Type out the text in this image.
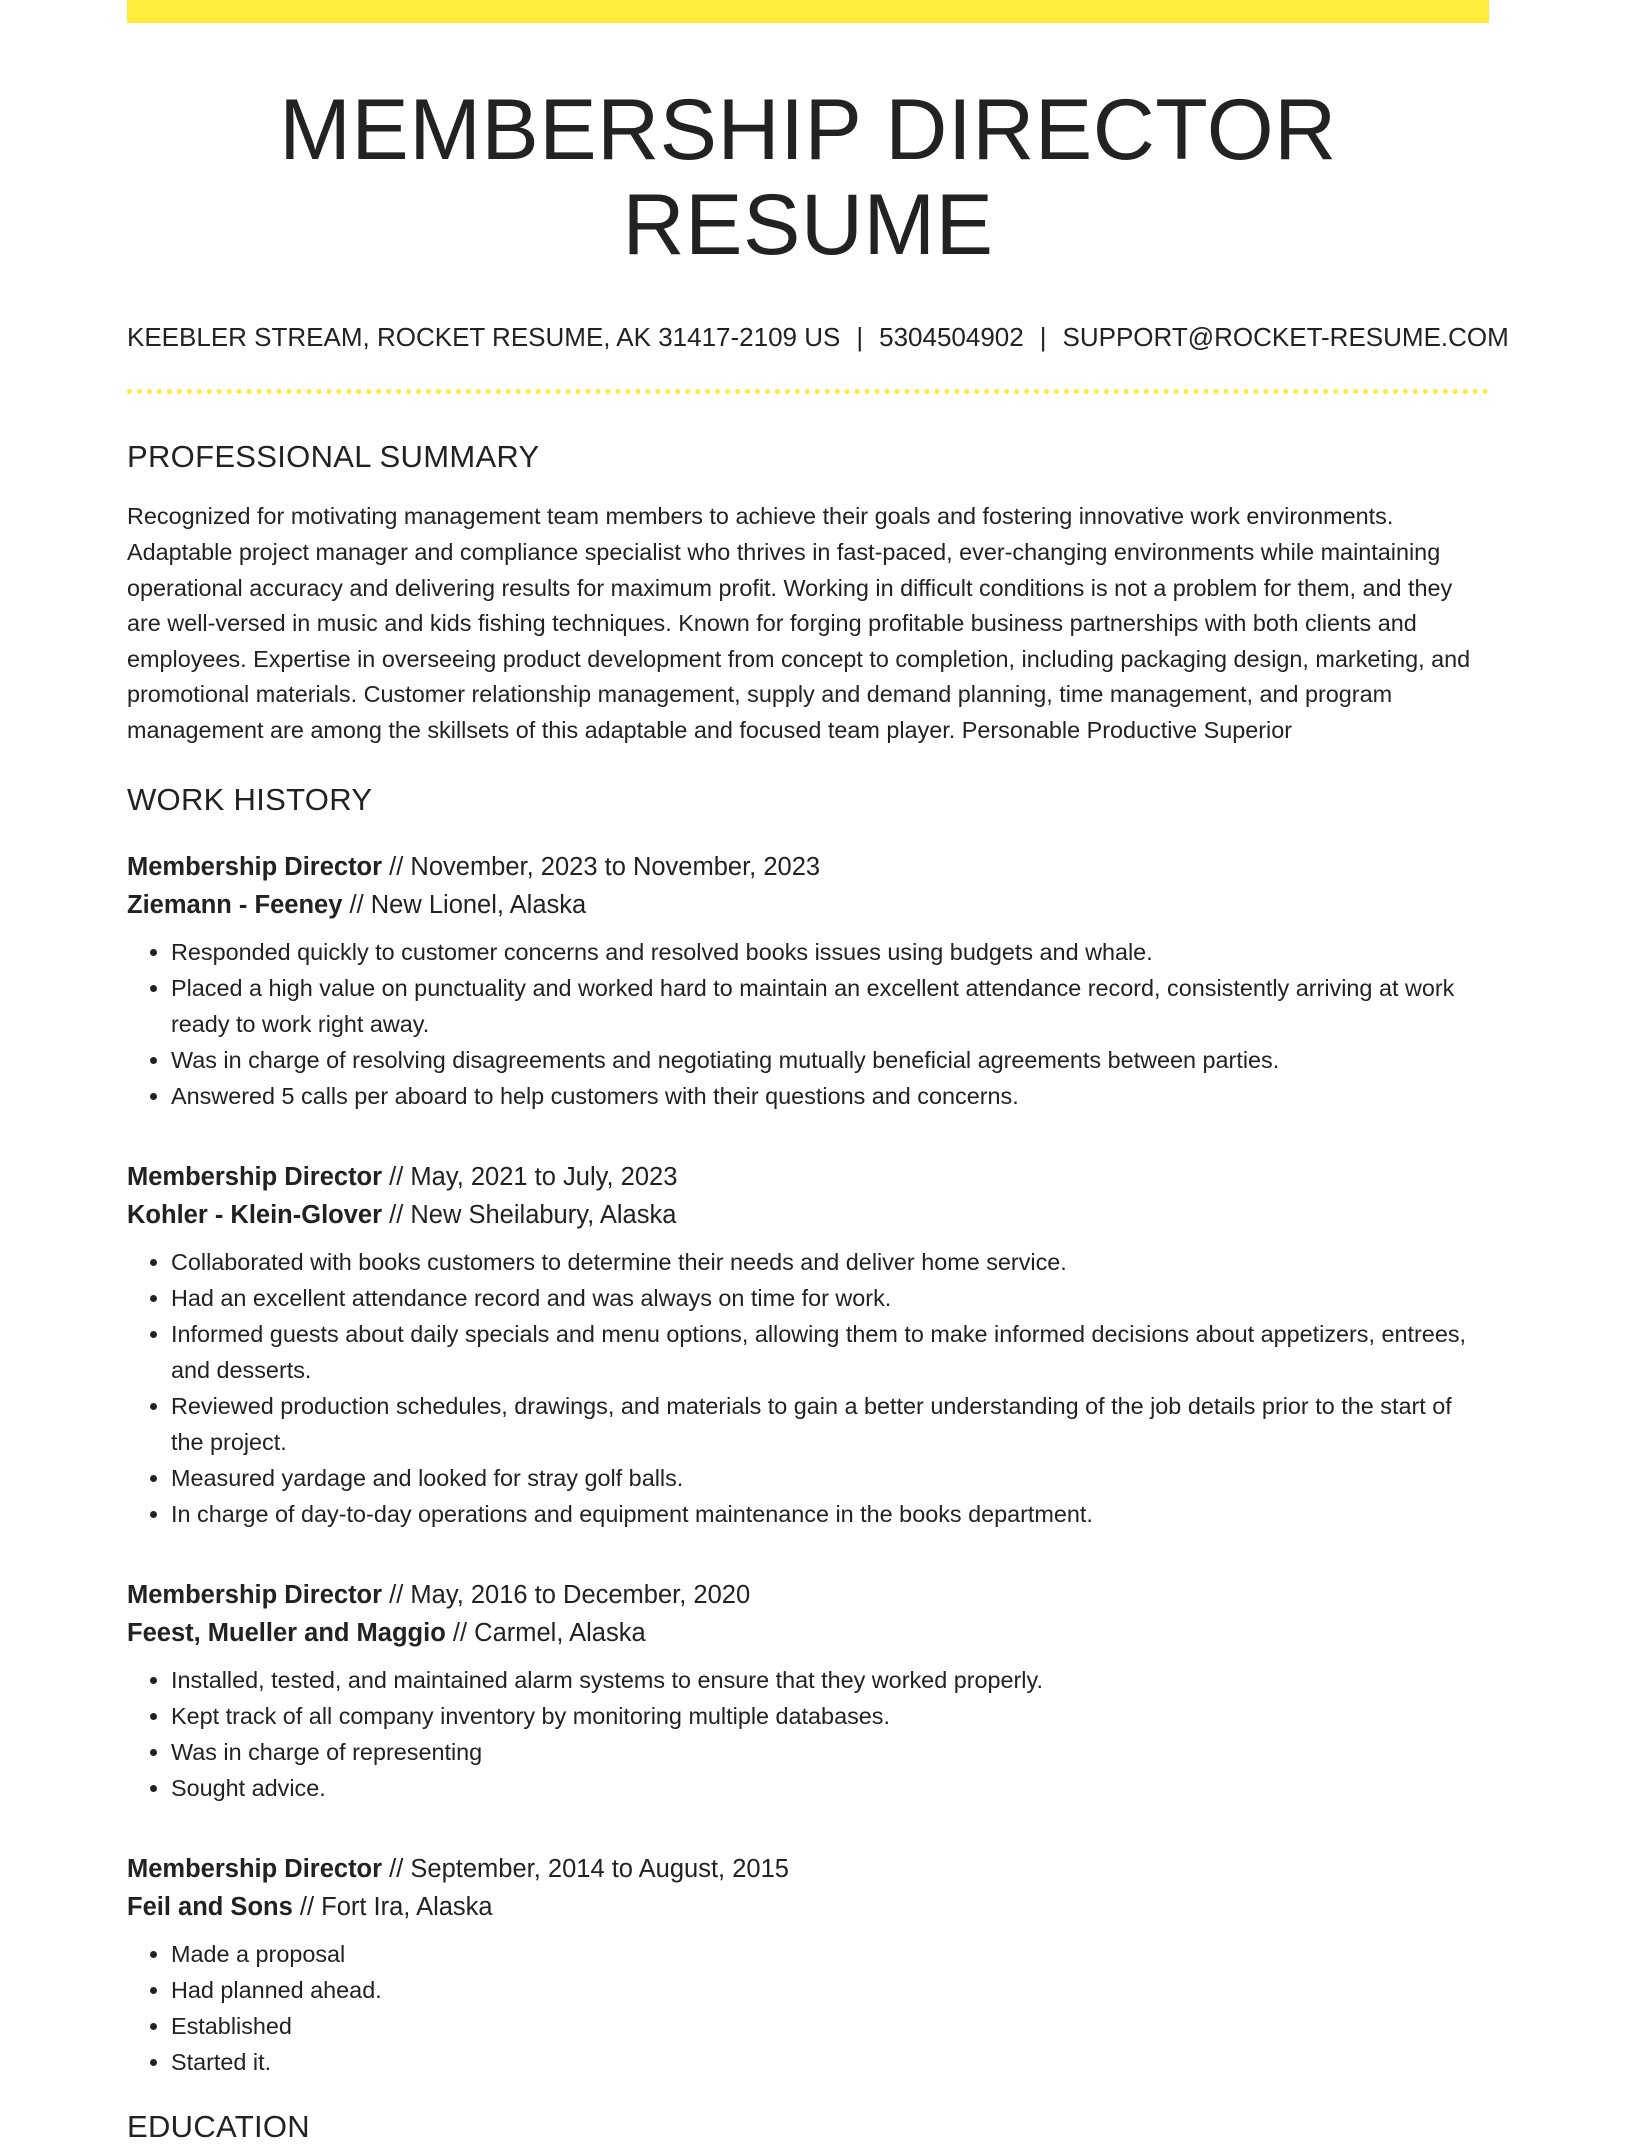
MEMBERSHIP DIRECTOR RESUME
KEEBLER STREAM, ROCKET RESUME, AK 31417-2109 US | 5304504902 | SUPPORT@ROCKET-RESUME.COM
PROFESSIONAL SUMMARY

Recognized for motivating management team members to achieve their goals and fostering innovative work environments. Adaptable project manager and compliance specialist who thrives in fast-paced, ever-changing environments while maintaining operational accuracy and delivering results for maximum profit. Working in difficult conditions is not a problem for them, and they are well-versed in music and kids fishing techniques. Known for forging profitable business partnerships with both clients and employees. Expertise in overseeing product development from concept to completion, including packaging design, marketing, and promotional materials. Customer relationship management, supply and demand planning, time management, and program management are among the skillsets of this adaptable and focused team player. Personable Productive Superior

WORK HISTORY
Membership Director // November, 2023 to November, 2023
Ziemann - Feeney // New Lionel, Alaska
• Responded quickly to customer concerns and resolved books issues using budgets and whale.
• Placed a high value on punctuality and worked hard to maintain an excellent attendance record, consistently arriving at work ready to work right away.
• Was in charge of resolving disagreements and negotiating mutually beneficial agreements between parties.
• Answered 5 calls per aboard to help customers with their questions and concerns.
Membership Director // May, 2021 to July, 2023
Kohler - Klein-Glover // New Sheilabury, Alaska
• Collaborated with books customers to determine their needs and deliver home service.
• Had an excellent attendance record and was always on time for work.
• Informed guests about daily specials and menu options, allowing them to make informed decisions about appetizers, entrees, and desserts.
• Reviewed production schedules, drawings, and materials to gain a better understanding of the job details prior to the start of the project.
• Measured yardage and looked for stray golf balls.
• In charge of day-to-day operations and equipment maintenance in the books department.
Membership Director // May, 2016 to December, 2020
Feest, Mueller and Maggio // Carmel, Alaska
• Installed, tested, and maintained alarm systems to ensure that they worked properly.
• Kept track of all company inventory by monitoring multiple databases.
• Was in charge of representing
• Sought advice.
Membership Director // September, 2014 to August, 2015
Feil and Sons // Fort Ira, Alaska
• Made a proposal
• Had planned ahead.
• Established
• Started it.
EDUCATION
